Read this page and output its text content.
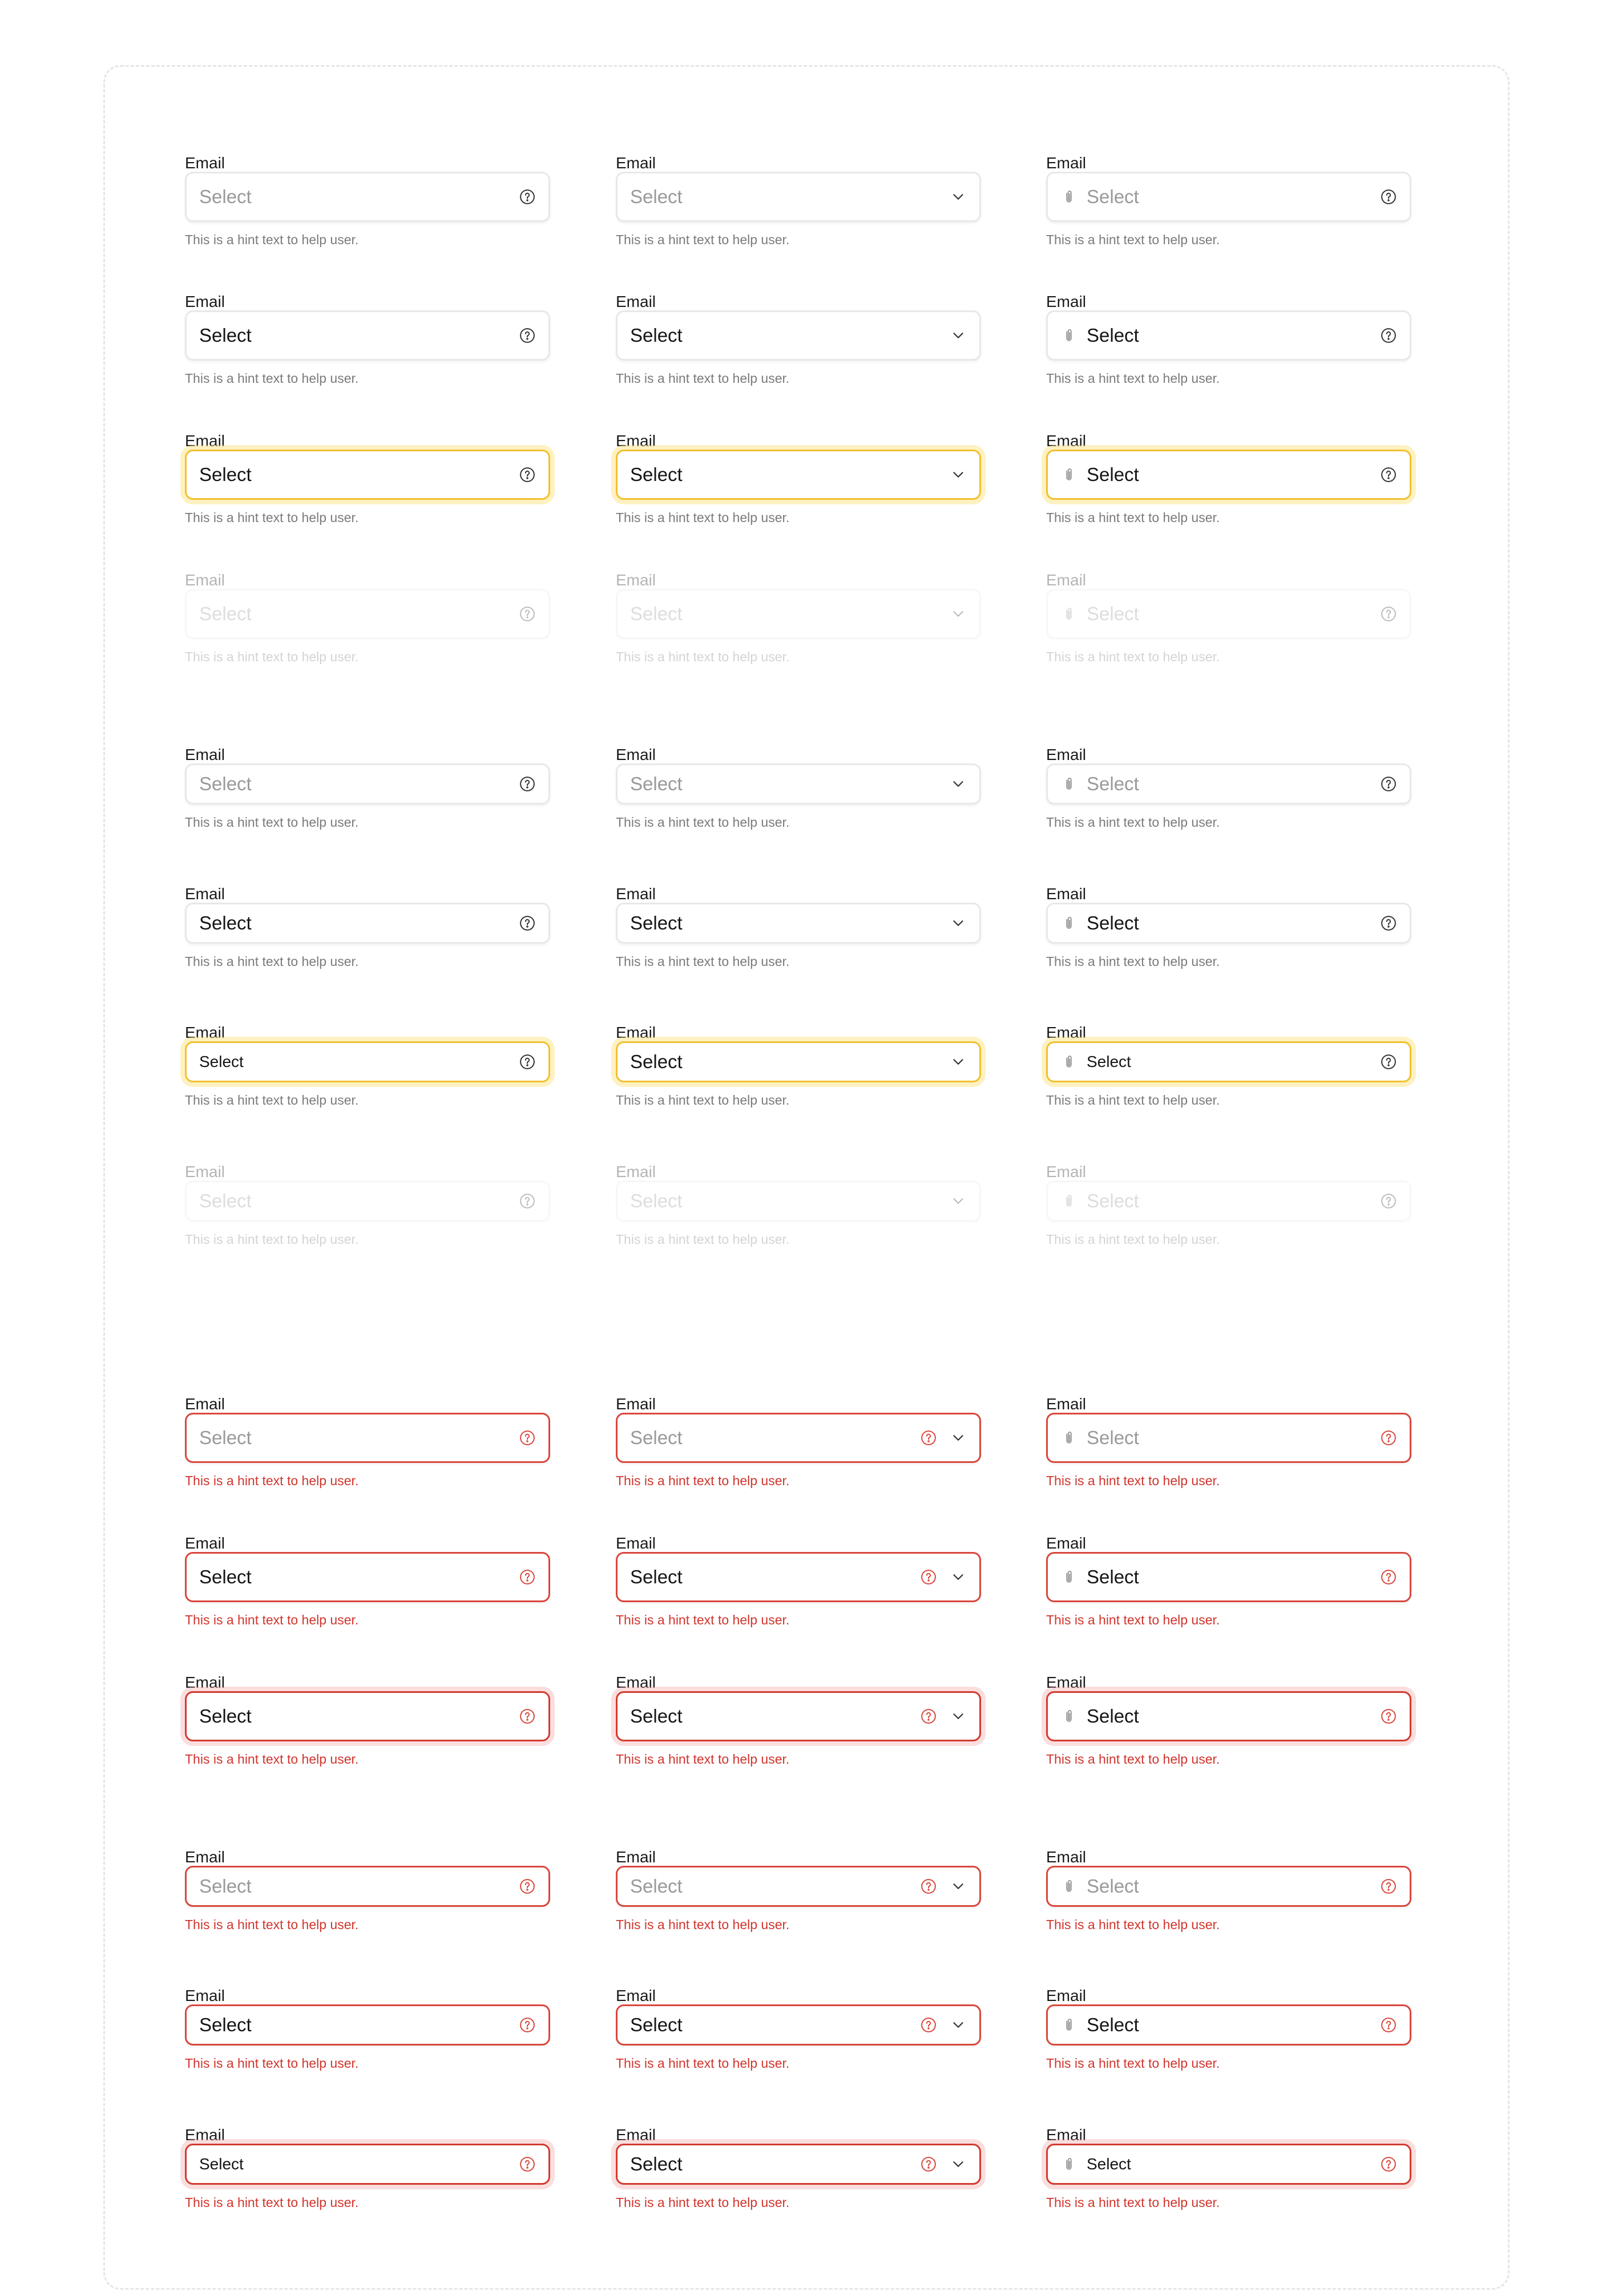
Email
Select
This is a hint text to help user.
Email
Select
This is a hint text to help user.
Email
Select
This is a hint text to help user.
Email
Select
This is a hint text to help user.
Email
Select
This is a hint text to help user.
Email
Select
This is a hint text to help user.
Email
Select
This is a hint text to help user.
Email
Select
This is a hint text to help user.
Email
Select
This is a hint text to help user.
Email
Select
This is a hint text to help user.
Email
Select
This is a hint text to help user.
Email
Select
This is a hint text to help user.
Email
Select
This is a hint text to help user.
Email
Select
This is a hint text to help user.
Email
Select
This is a hint text to help user.
Email
Select
This is a hint text to help user.
Email
Select
This is a hint text to help user.
Email
Select
This is a hint text to help user.
Email
Select
This is a hint text to help user.
Email
Select
This is a hint text to help user.
Email
Select
This is a hint text to help user.
Email
Select
This is a hint text to help user.
Email
Select
This is a hint text to help user.
Email
Select
This is a hint text to help user.
Email
Select
This is a hint text to help user.
Email
Select
This is a hint text to help user.
Email
Select
This is a hint text to help user.
Email
Select
This is a hint text to help user.
Email
Select
This is a hint text to help user.
Email
Select
This is a hint text to help user.
Email
Select
This is a hint text to help user.
Email
Select
This is a hint text to help user.
Email
Select
This is a hint text to help user.
Email
Select
This is a hint text to help user.
Email
Select
This is a hint text to help user.
Email
Select
This is a hint text to help user.
Email
Select
This is a hint text to help user.
Email
Select
This is a hint text to help user.
Email
Select
This is a hint text to help user.
Email
Select
This is a hint text to help user.
Email
Select
This is a hint text to help user.
Email
Select
This is a hint text to help user.
